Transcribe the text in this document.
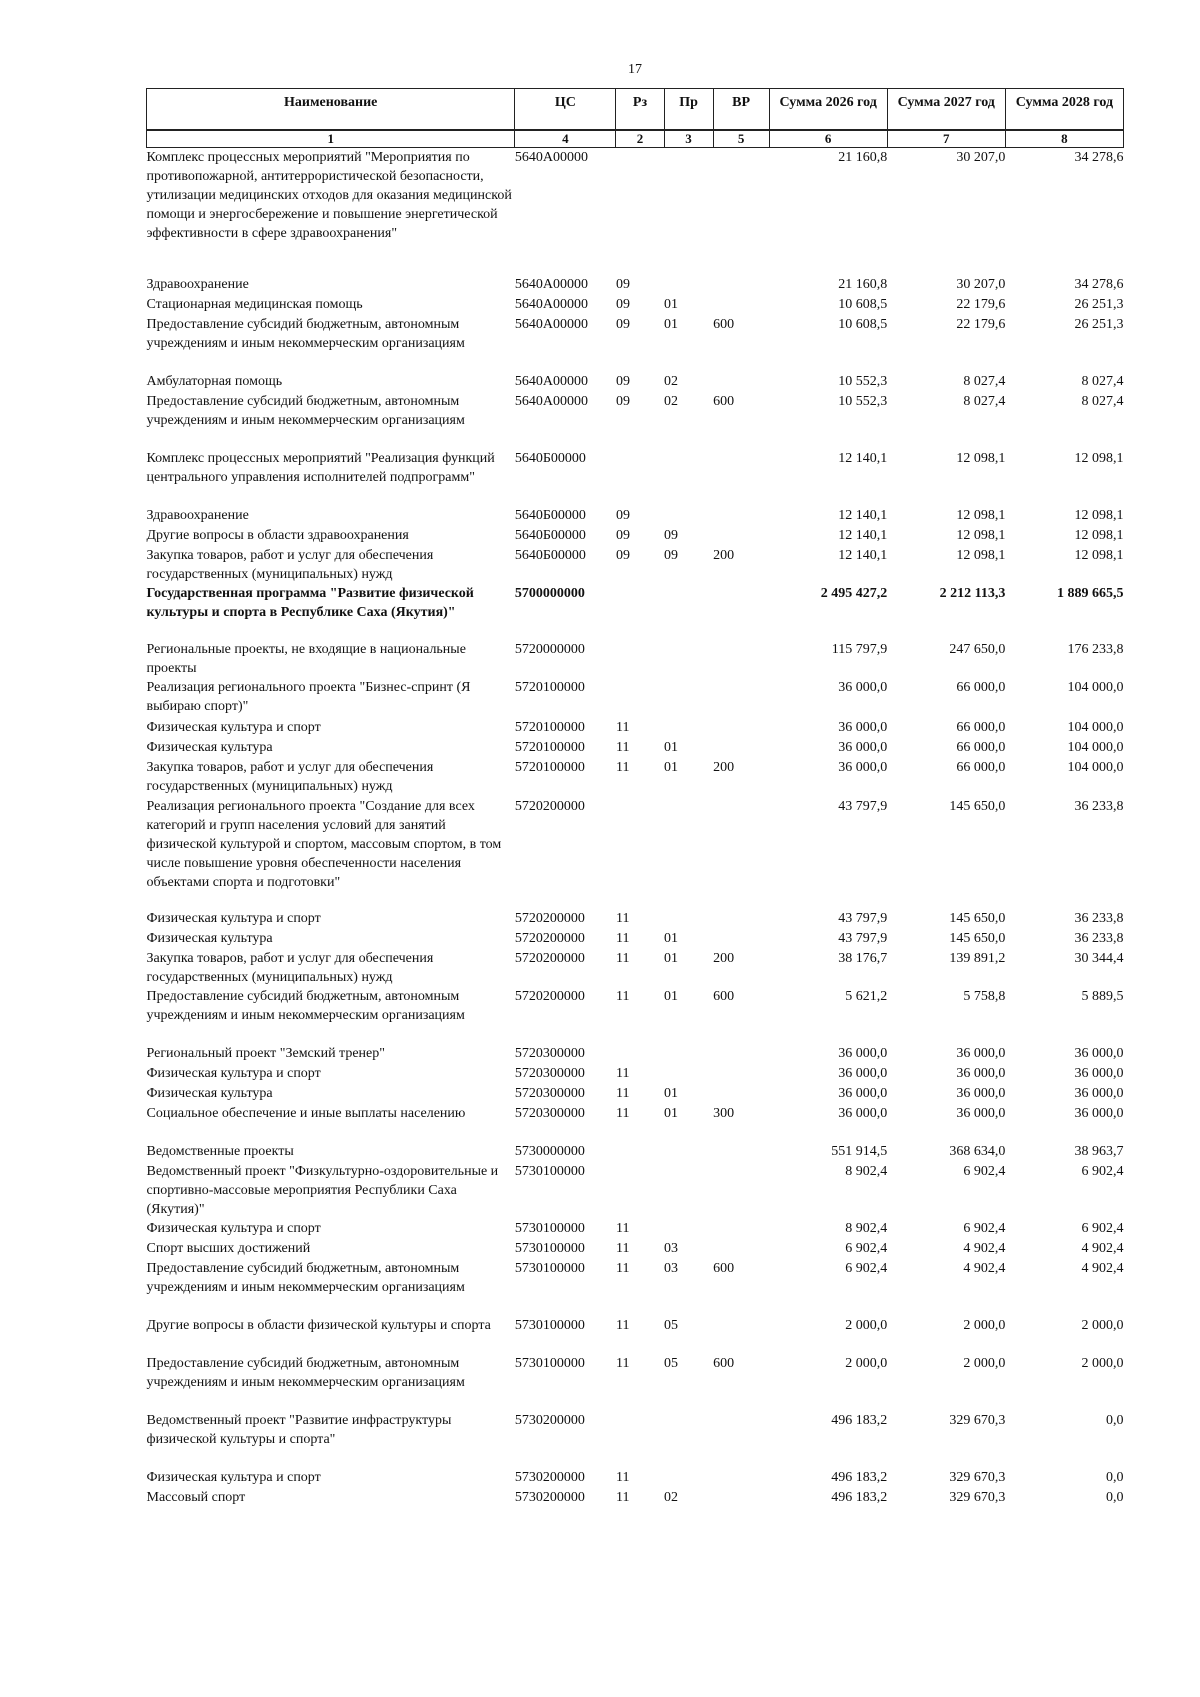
17
Наименование	ЦС	Рз	Пр	ВР	Сумма 2026 год	Сумма 2027 год	Сумма 2028 год
1	4	2	3	5	6	7	8
Комплекс процессных мероприятий "Мероприятия по противопожарной, антитеррористической безопасности, утилизации медицинских отходов для оказания медицинской помощи и энергосбережение и повышение энергетической эффективности в сфере здравоохранения"	5640А00000				21 160,8	30 207,0	34 278,6
Здравоохранение	5640А00000	09			21 160,8	30 207,0	34 278,6
Стационарная медицинская помощь	5640А00000	09	01		10 608,5	22 179,6	26 251,3
Предоставление субсидий бюджетным, автономным учреждениям и иным некоммерческим организациям	5640А00000	09	01	600	10 608,5	22 179,6	26 251,3
Амбулаторная помощь	5640А00000	09	02		10 552,3	8 027,4	8 027,4
Предоставление субсидий бюджетным, автономным учреждениям и иным некоммерческим организациям	5640А00000	09	02	600	10 552,3	8 027,4	8 027,4
Комплекс процессных мероприятий "Реализация функций центрального управления исполнителей подпрограмм"	5640Б00000				12 140,1	12 098,1	12 098,1
Здравоохранение	5640Б00000	09			12 140,1	12 098,1	12 098,1
Другие вопросы в области здравоохранения	5640Б00000	09	09		12 140,1	12 098,1	12 098,1
Закупка товаров, работ и услуг для обеспечения государственных (муниципальных) нужд	5640Б00000	09	09	200	12 140,1	12 098,1	12 098,1
Государственная программа "Развитие физической культуры и спорта в Республике Саха (Якутия)"	5700000000				2 495 427,2	2 212 113,3	1 889 665,5
Региональные проекты, не входящие в национальные проекты	5720000000				115 797,9	247 650,0	176 233,8
Реализация регионального проекта "Бизнес-спринт (Я выбираю спорт)"	5720100000				36 000,0	66 000,0	104 000,0
Физическая культура и спорт	5720100000	11			36 000,0	66 000,0	104 000,0
Физическая культура	5720100000	11	01		36 000,0	66 000,0	104 000,0
Закупка товаров, работ и услуг для обеспечения государственных (муниципальных) нужд	5720100000	11	01	200	36 000,0	66 000,0	104 000,0
Реализация регионального проекта "Создание для всех категорий и групп населения условий для занятий физической культурой и спортом, массовым спортом, в том числе повышение уровня обеспеченности населения объектами спорта и подготовки"	5720200000				43 797,9	145 650,0	36 233,8
Физическая культура и спорт	5720200000	11			43 797,9	145 650,0	36 233,8
Физическая культура	5720200000	11	01		43 797,9	145 650,0	36 233,8
Закупка товаров, работ и услуг для обеспечения государственных (муниципальных) нужд	5720200000	11	01	200	38 176,7	139 891,2	30 344,4
Предоставление субсидий бюджетным, автономным учреждениям и иным некоммерческим организациям	5720200000	11	01	600	5 621,2	5 758,8	5 889,5
Региональный проект "Земский тренер"	5720300000				36 000,0	36 000,0	36 000,0
Физическая культура и спорт	5720300000	11			36 000,0	36 000,0	36 000,0
Физическая культура	5720300000	11	01		36 000,0	36 000,0	36 000,0
Социальное обеспечение и иные выплаты населению	5720300000	11	01	300	36 000,0	36 000,0	36 000,0
Ведомственные проекты	5730000000				551 914,5	368 634,0	38 963,7
Ведомственный проект "Физкультурно-оздоровительные и спортивно-массовые мероприятия Республики Саха (Якутия)"	5730100000				8 902,4	6 902,4	6 902,4
Физическая культура и спорт	5730100000	11			8 902,4	6 902,4	6 902,4
Спорт высших достижений	5730100000	11	03		6 902,4	4 902,4	4 902,4
Предоставление субсидий бюджетным, автономным учреждениям и иным некоммерческим организациям	5730100000	11	03	600	6 902,4	4 902,4	4 902,4
Другие вопросы в области физической культуры и спорта	5730100000	11	05		2 000,0	2 000,0	2 000,0
Предоставление субсидий бюджетным, автономным учреждениям и иным некоммерческим организациям	5730100000	11	05	600	2 000,0	2 000,0	2 000,0
Ведомственный проект "Развитие инфраструктуры физической культуры и спорта"	5730200000				496 183,2	329 670,3	0,0
Физическая культура и спорт	5730200000	11			496 183,2	329 670,3	0,0
Массовый спорт	5730200000	11	02		496 183,2	329 670,3	0,0
